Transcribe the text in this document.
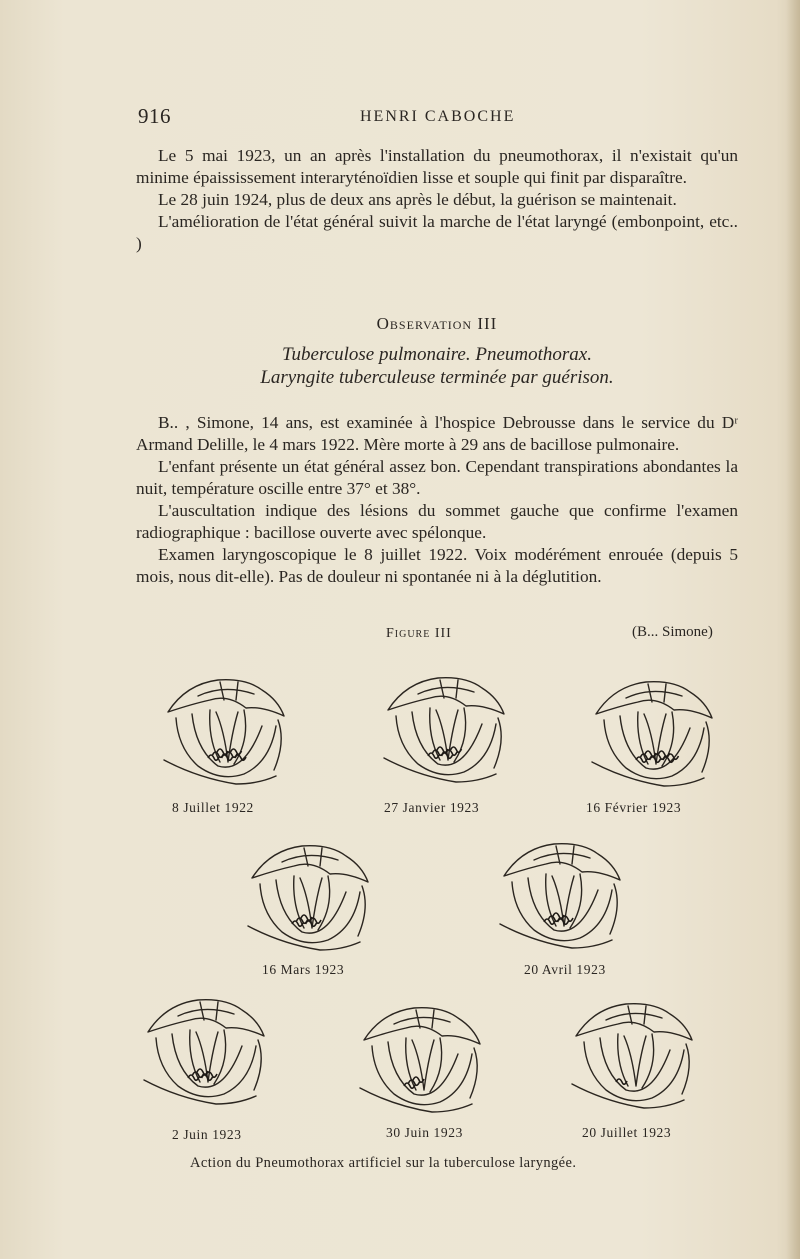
916	HENRI CABOCHE

Le 5 mai 1923, un an après l'installation du pneumothorax, il n'existait qu'un minime épaississement interaryténoïdien lisse et souple qui finit par disparaître.

Le 28 juin 1924, plus de deux ans après le début, la guérison se maintenait.

L'amélioration de l'état général suivit la marche de l'état laryngé (embonpoint, etc.. )

Observation III
Tuberculose pulmonaire. Pneumothorax.
Laryngite tuberculeuse terminée par guérison.

B.. , Simone, 14 ans, est examinée à l'hospice Debrousse dans le service du Dʳ Armand Delille, le 4 mars 1922. Mère morte à 29 ans de bacillose pulmonaire.

L'enfant présente un état général assez bon. Cependant transpirations abondantes la nuit, température oscille entre 37° et 38°.

L'auscultation indique des lésions du sommet gauche que confirme l'examen radiographique : bacillose ouverte avec spélonque.

Examen laryngoscopique le 8 juillet 1922. Voix modérément enrouée (depuis 5 mois, nous dit-elle). Pas de douleur ni spontanée ni à la déglutition.

Figure III	(B... Simone)
8 Juillet 1922	27 Janvier 1923	16 Février 1923
16 Mars 1923	20 Avril 1923
2 Juin 1923	30 Juin 1923	20 Juillet 1923
Action du Pneumothorax artificiel sur la tuberculose laryngée.
